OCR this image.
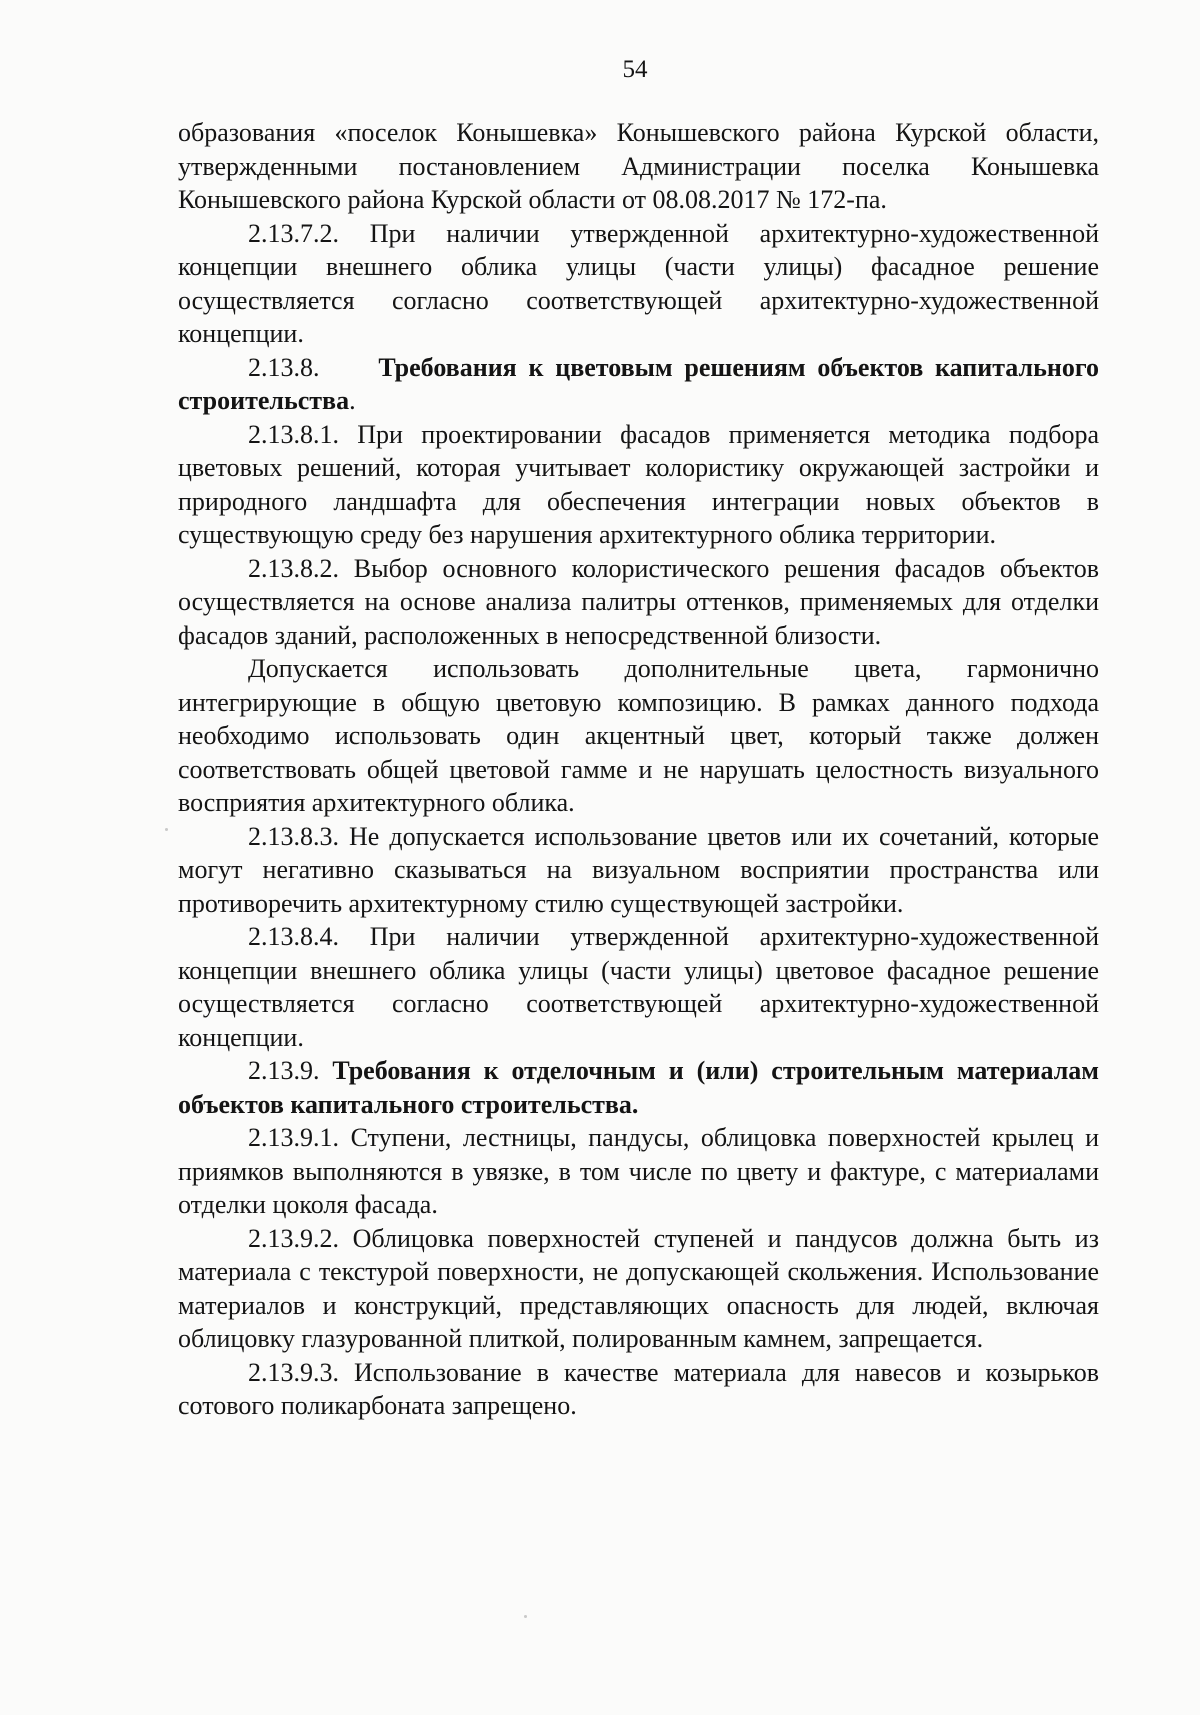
54

образования «поселок Конышевка» Конышевского района Курской области, утвержденными постановлением Администрации поселка Конышевка Конышевского района Курской области от 08.08.2017 № 172-па.

2.13.7.2. При наличии утвержденной архитектурно-художественной концепции внешнего облика улицы (части улицы) фасадное решение осуществляется согласно соответствующей архитектурно-художественной концепции.

2.13.8. Требования к цветовым решениям объектов капитального строительства.

2.13.8.1. При проектировании фасадов применяется методика подбора цветовых решений, которая учитывает колористику окружающей застройки и природного ландшафта для обеспечения интеграции новых объектов в существующую среду без нарушения архитектурного облика территории.

2.13.8.2. Выбор основного колористического решения фасадов объектов осуществляется на основе анализа палитры оттенков, применяемых для отделки фасадов зданий, расположенных в непосредственной близости.

Допускается использовать дополнительные цвета, гармонично интегрирующие в общую цветовую композицию. В рамках данного подхода необходимо использовать один акцентный цвет, который также должен соответствовать общей цветовой гамме и не нарушать целостность визуального восприятия архитектурного облика.

2.13.8.3. Не допускается использование цветов или их сочетаний, которые могут негативно сказываться на визуальном восприятии пространства или противоречить архитектурному стилю существующей застройки.

2.13.8.4. При наличии утвержденной архитектурно-художественной концепции внешнего облика улицы (части улицы) цветовое фасадное решение осуществляется согласно соответствующей архитектурно-художественной концепции.

2.13.9. Требования к отделочным и (или) строительным материалам объектов капитального строительства.

2.13.9.1. Ступени, лестницы, пандусы, облицовка поверхностей крылец и приямков выполняются в увязке, в том числе по цвету и фактуре, с материалами отделки цоколя фасада.

2.13.9.2. Облицовка поверхностей ступеней и пандусов должна быть из материала с текстурой поверхности, не допускающей скольжения. Использование материалов и конструкций, представляющих опасность для людей, включая облицовку глазурованной плиткой, полированным камнем, запрещается.

2.13.9.3. Использование в качестве материала для навесов и козырьков сотового поликарбоната запрещено.
